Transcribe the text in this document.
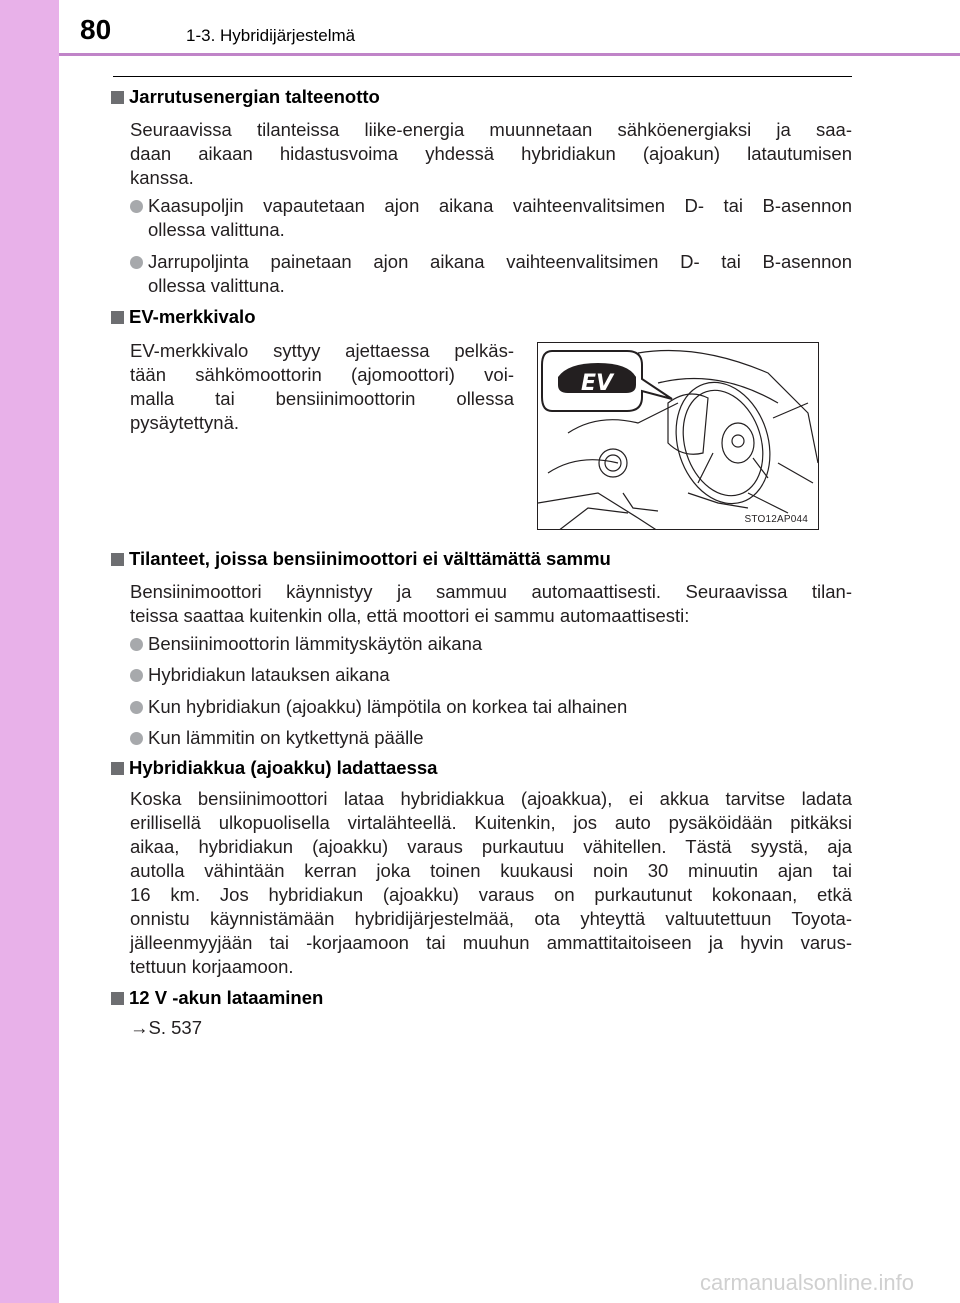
80	1-3. Hybridijärjestelmä
Jarrutusenergian talteenotto
Seuraavissa tilanteissa liike-energia muunnetaan sähköenergiaksi ja saa-
daan aikaan hidastusvoima yhdessä hybridiakun (ajoakun) latautumisen
kanssa.
Kaasupoljin vapautetaan ajon aikana vaihteenvalitsimen D- tai B-asennon
ollessa valittuna.
Jarrupoljinta painetaan ajon aikana vaihteenvalitsimen D- tai B-asennon
ollessa valittuna.
EV-merkkivalo
EV-merkkivalo syttyy ajettaessa pelkäs-
tään sähkömoottorin (ajomoottori) voi-
malla tai bensiinimoottorin ollessa
pysäytettynä.
EV
STO12AP044
Tilanteet, joissa bensiinimoottori ei välttämättä sammu
Bensiinimoottori käynnistyy ja sammuu automaattisesti. Seuraavissa tilan-
teissa saattaa kuitenkin olla, että moottori ei sammu automaattisesti:
Bensiinimoottorin lämmityskäytön aikana
Hybridiakun latauksen aikana
Kun hybridiakun (ajoakku) lämpötila on korkea tai alhainen
Kun lämmitin on kytkettynä päälle
Hybridiakkua (ajoakku) ladattaessa
Koska bensiinimoottori lataa hybridiakkua (ajoakkua), ei akkua tarvitse ladata
erillisellä ulkopuolisella virtalähteellä. Kuitenkin, jos auto pysäköidään pitkäksi
aikaa, hybridiakun (ajoakku) varaus purkautuu vähitellen. Tästä syystä, aja
autolla vähintään kerran joka toinen kuukausi noin 30 minuutin ajan tai
16 km. Jos hybridiakun (ajoakku) varaus on purkautunut kokonaan, etkä
onnistu käynnistämään hybridijärjestelmää, ota yhteyttä valtuutettuun Toyota-
jälleenmyyjään tai -korjaamoon tai muuhun ammattitaitoiseen ja hyvin varus-
tettuun korjaamoon.
12 V -akun lataaminen
→S. 537
carmanualsonline.info
